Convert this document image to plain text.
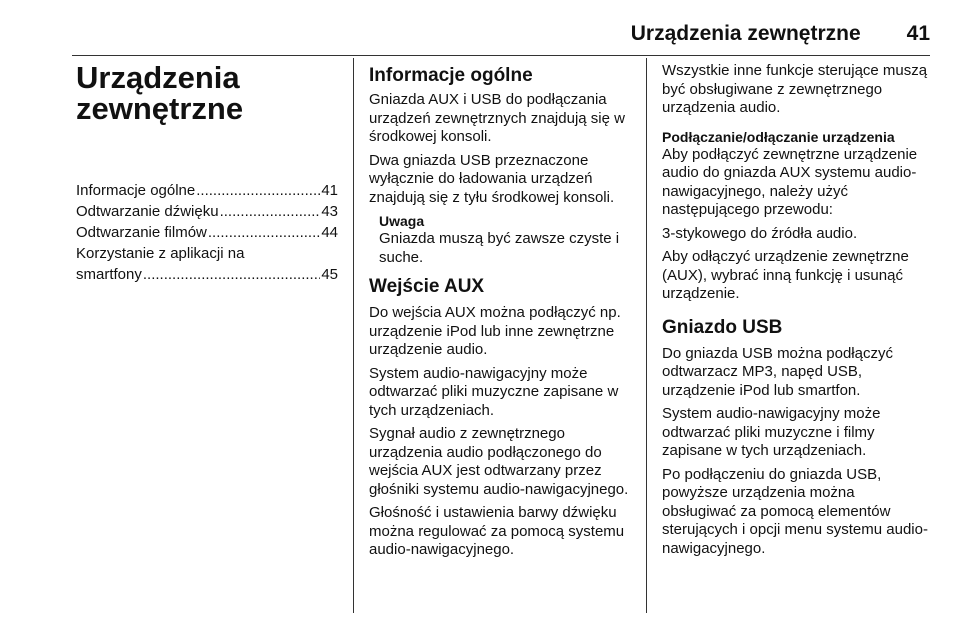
Urządzenia zewnętrzne 41
Urządzenia zewnętrzne
Informacje ogólne .....	41
Odtwarzanie dźwięku .....	43
Odtwarzanie filmów .....	44
Korzystanie z aplikacji na
smartfony .....	45
Informacje ogólne

Gniazda AUX i USB do podłączania urządzeń zewnętrznych znajdują się w środkowej konsoli.

Dwa gniazda USB przeznaczone wyłącznie do ładowania urządzeń znajdują się z tyłu środkowej konsoli.

Uwaga

Gniazda muszą być zawsze czyste i suche.

Wejście AUX

Do wejścia AUX można podłączyć np. urządzenie iPod lub inne zewnętrzne urządzenie audio.

System audio-nawigacyjny może odtwarzać pliki muzyczne zapisane w tych urządzeniach.

Sygnał audio z zewnętrznego urządzenia audio podłączonego do wejścia AUX jest odtwarzany przez głośniki systemu audio-nawigacyjnego.

Głośność i ustawienia barwy dźwięku można regulować za pomocą systemu audio-nawigacyjnego.

Wszystkie inne funkcje sterujące muszą być obsługiwane z zewnętrznego urządzenia audio.

Podłączanie/odłączanie urządzenia

Aby podłączyć zewnętrzne urządzenie audio do gniazda AUX systemu audio-nawigacyjnego, należy użyć następującego przewodu:

3-stykowego do źródła audio.

Aby odłączyć urządzenie zewnętrzne (AUX), wybrać inną funkcję i usunąć urządzenie.

Gniazdo USB

Do gniazda USB można podłączyć odtwarzacz MP3, napęd USB, urządzenie iPod lub smartfon.

System audio-nawigacyjny może odtwarzać pliki muzyczne i filmy zapisane w tych urządzeniach.

Po podłączeniu do gniazda USB, powyższe urządzenia można obsługiwać za pomocą elementów sterujących i opcji menu systemu audio-nawigacyjnego.
